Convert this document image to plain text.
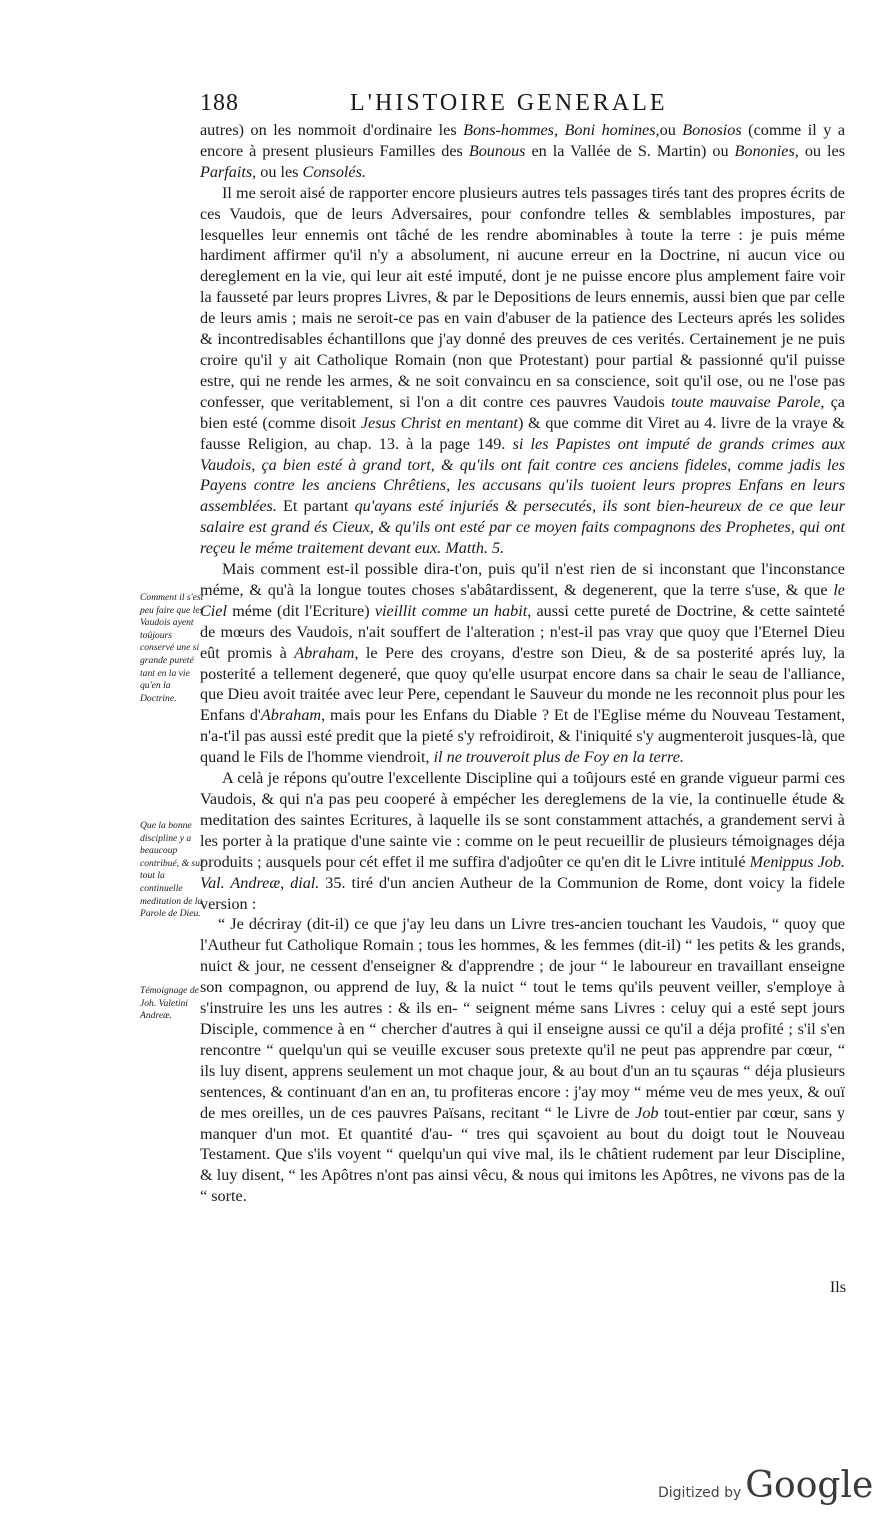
188	L'HISTOIRE GENERALE

autres) on les nommoit d'ordinaire les Bons-hommes, Boni homines,ou Bonosios (comme il y a encore à present plusieurs Familles des Bounous en la Vallée de S. Martin) ou Bononies, ou les Parfaits, ou les Consolés.

Il me seroit aisé de rapporter encore plusieurs autres tels passages tirés tant des propres écrits de ces Vaudois, que de leurs Adversaires, pour confondre telles & semblables impostures, par lesquelles leur ennemis ont tâché de les rendre abominables à toute la terre : je puis méme hardiment affirmer qu'il n'y a absolument, ni aucune erreur en la Doctrine, ni aucun vice ou dereglement en la vie, qui leur ait esté imputé, dont je ne puisse encore plus amplement faire voir la fausseté par leurs propres Livres, & par le Depositions de leurs ennemis, aussi bien que par celle de leurs amis ; mais ne seroit-ce pas en vain d'abuser de la patience des Lecteurs aprés les solides & incontredisables échantillons que j'ay donné des preuves de ces verités. Certainement je ne puis croire qu'il y ait Catholique Romain (non que Protestant) pour partial & passionné qu'il puisse estre, qui ne rende les armes, & ne soit convaincu en sa conscience, soit qu'il ose, ou ne l'ose pas confesser, que veritablement, si l'on a dit contre ces pauvres Vaudois toute mauvaise Parole, ça bien esté (comme disoit Jesus Christ en mentant) & que comme dit Viret au 4. livre de la vraye & fausse Religion, au chap. 13. à la page 149. si les Papistes ont imputé de grands crimes aux Vaudois, ça bien esté à grand tort, & qu'ils ont fait contre ces anciens fideles, comme jadis les Payens contre les anciens Chrêtiens, les accusans qu'ils tuoient leurs propres Enfans en leurs assemblées. Et partant qu'ayans esté injuriés & persecutés, ils sont bien-heureux de ce que leur salaire est grand és Cieux, & qu'ils ont esté par ce moyen faits compagnons des Prophetes, qui ont reçeu le méme traitement devant eux. Matth. 5.

Mais comment est-il possible dira-t'on, puis qu'il n'est rien de si inconstant que l'inconstance méme, & qu'à la longue toutes choses s'abâtardissent, & degenerent, que la terre s'use, & que le Ciel méme (dit l'Ecriture) vieillit comme un habit, aussi cette pureté de Doctrine, & cette sainteté de mœurs des Vaudois, n'ait souffert de l'alteration ; n'est-il pas vray que quoy que l'Eternel Dieu eût promis à Abraham, le Pere des croyans, d'estre son Dieu, & de sa posterité aprés luy, la posterité a tellement degeneré, que quoy qu'elle usurpat encore dans sa chair le seau de l'alliance, que Dieu avoit traitée avec leur Pere, cependant le Sauveur du monde ne les reconnoit plus pour les Enfans d'Abraham, mais pour les Enfans du Diable ? Et de l'Eglise méme du Nouveau Testament, n'a-t'il pas aussi esté predit que la pieté s'y refroidiroit, & l'iniquité s'y augmenteroit jusques-là, que quand le Fils de l'homme viendroit, il ne trouveroit plus de Foy en la terre.

A celà je répons qu'outre l'excellente Discipline qui a toûjours esté en grande vigueur parmi ces Vaudois, & qui n'a pas peu cooperé à empécher les dereglemens de la vie, la continuelle étude & meditation des saintes Ecritures, à laquelle ils se sont constamment attachés, a grandement servi à les porter à la pratique d'une sainte vie : comme on le peut recueillir de plusieurs témoignages déja produits ; ausquels pour cét effet il me suffira d'adjoûter ce qu'en dit le Livre intitulé Menippus Job. Val. Andreæ, dial. 35. tiré d'un ancien Autheur de la Communion de Rome, dont voicy la fidele version :

“ Je décriray (dit-il) ce que j'ay leu dans un Livre tres-ancien touchant les Vaudois, “ quoy que l'Autheur fut Catholique Romain ; tous les hommes, & les femmes (dit-il) “ les petits & les grands, nuict & jour, ne cessent d'enseigner & d'apprendre ; de jour “ le laboureur en travaillant enseigne son compagnon, ou apprend de luy, & la nuict “ tout le tems qu'ils peuvent veiller, s'employe à s'instruire les uns les autres : & ils en- “ seignent méme sans Livres : celuy qui a esté sept jours Disciple, commence à en “ chercher d'autres à qui il enseigne aussi ce qu'il a déja profité ; s'il s'en rencontre “ quelqu'un qui se veuille excuser sous pretexte qu'il ne peut pas apprendre par cœur, “ ils luy disent, apprens seulement un mot chaque jour, & au bout d'un an tu sçauras “ déja plusieurs sentences, & continuant d'an en an, tu profiteras encore : j'ay moy “ méme veu de mes yeux, & ouï de mes oreilles, un de ces pauvres Païsans, recitant “ le Livre de Job tout-entier par cœur, sans y manquer d'un mot. Et quantité d'au- “ tres qui sçavoient au bout du doigt tout le Nouveau Testament. Que s'ils voyent “ quelqu'un qui vive mal, ils le châtient rudement par leur Discipline, & luy disent, “ les Apôtres n'ont pas ainsi vêcu, & nous qui imitons les Apôtres, ne vivons pas de la “ sorte.

Comment il s'est peu faire que les Vaudois ayent toûjours conservé une si grande pureté tant en la vie qu'en la Doctrine.
Que la bonne discipline y a beaucoup contribué, & sur tout la continuelle meditation de la Parole de Dieu.
Témoignage de Joh. Valetini Andreæ.
Ils
Digitized by Google
